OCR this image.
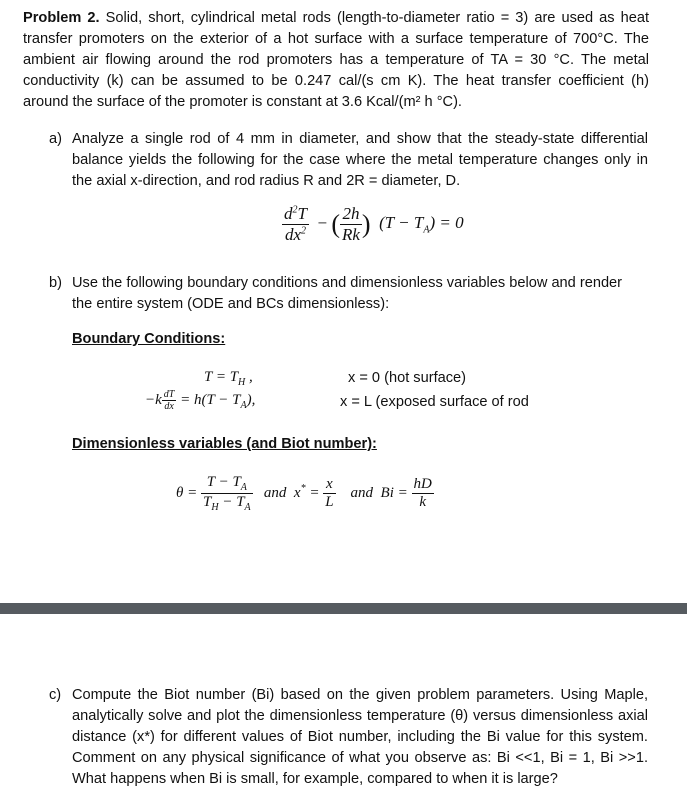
Problem 2. Solid, short, cylindrical metal rods (length-to-diameter ratio = 3) are used as heat transfer promoters on the exterior of a hot surface with a surface temperature of 700°C. The ambient air flowing around the rod promoters has a temperature of TA = 30 °C. The metal conductivity (k) can be assumed to be 0.247 cal/(s cm K). The heat transfer coefficient (h) around the surface of the promoter is constant at 3.6 Kcal/(m² h °C).
a) Analyze a single rod of 4 mm in diameter, and show that the steady-state differential balance yields the following for the case where the metal temperature changes only in the axial x-direction, and rod radius R and 2R = diameter, D.
$\frac{d^2T}{dx^2}$ − ( $\frac{2h}{Rk}$ )  $(T - T_A) = 0$
b) Use the following boundary conditions and dimensionless variables below and render the entire system (ODE and BCs dimensionless):
Boundary Conditions:
$T = T_H$ ,	x = 0 (hot surface)
$-k \frac{dT}{dx} = h(T - T_A)$,	x = L (exposed surface of rod
Dimensionless variables (and Biot number):
$\theta = \frac{T - T_A}{T_H - T_A}$ and  $x^* = \frac{x}{L}$ and  $Bi = \frac{hD}{k}$
c) Compute the Biot number (Bi) based on the given problem parameters. Using Maple, analytically solve and plot the dimensionless temperature (θ) versus dimensionless axial distance (x*) for different values of Biot number, including the Bi value for this system. Comment on any physical significance of what you observe as: Bi <<1, Bi = 1, Bi >>1. What happens when Bi is small, for example, compared to when it is large?
